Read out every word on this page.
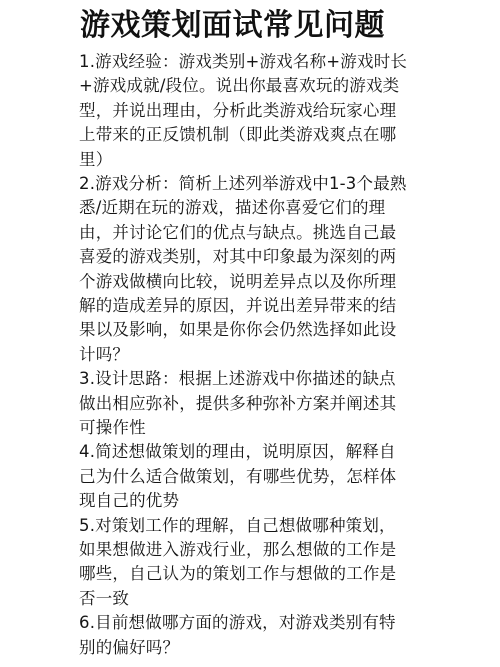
游戏策划面试常见问题
1.游戏经验：游戏类别+游戏名称+游戏时长
+游戏成就/段位。说出你最喜欢玩的游戏类
型，并说出理由，分析此类游戏给玩家心理
上带来的正反馈机制（即此类游戏爽点在哪
里）
2.游戏分析：简析上述列举游戏中1-3个最熟
悉/近期在玩的游戏，描述你喜爱它们的理
由，并讨论它们的优点与缺点。挑选自己最
喜爱的游戏类别，对其中印象最为深刻的两
个游戏做横向比较，说明差异点以及你所理
解的造成差异的原因，并说出差异带来的结
果以及影响，如果是你你会仍然选择如此设
计吗？
3.设计思路：根据上述游戏中你描述的缺点
做出相应弥补，提供多种弥补方案并阐述其
可操作性
4.简述想做策划的理由，说明原因，解释自
己为什么适合做策划，有哪些优势，怎样体
现自己的优势
5.对策划工作的理解，自己想做哪种策划，
如果想做进入游戏行业，那么想做的工作是
哪些，自己认为的策划工作与想做的工作是
否一致
6.目前想做哪方面的游戏，对游戏类别有特
别的偏好吗？
